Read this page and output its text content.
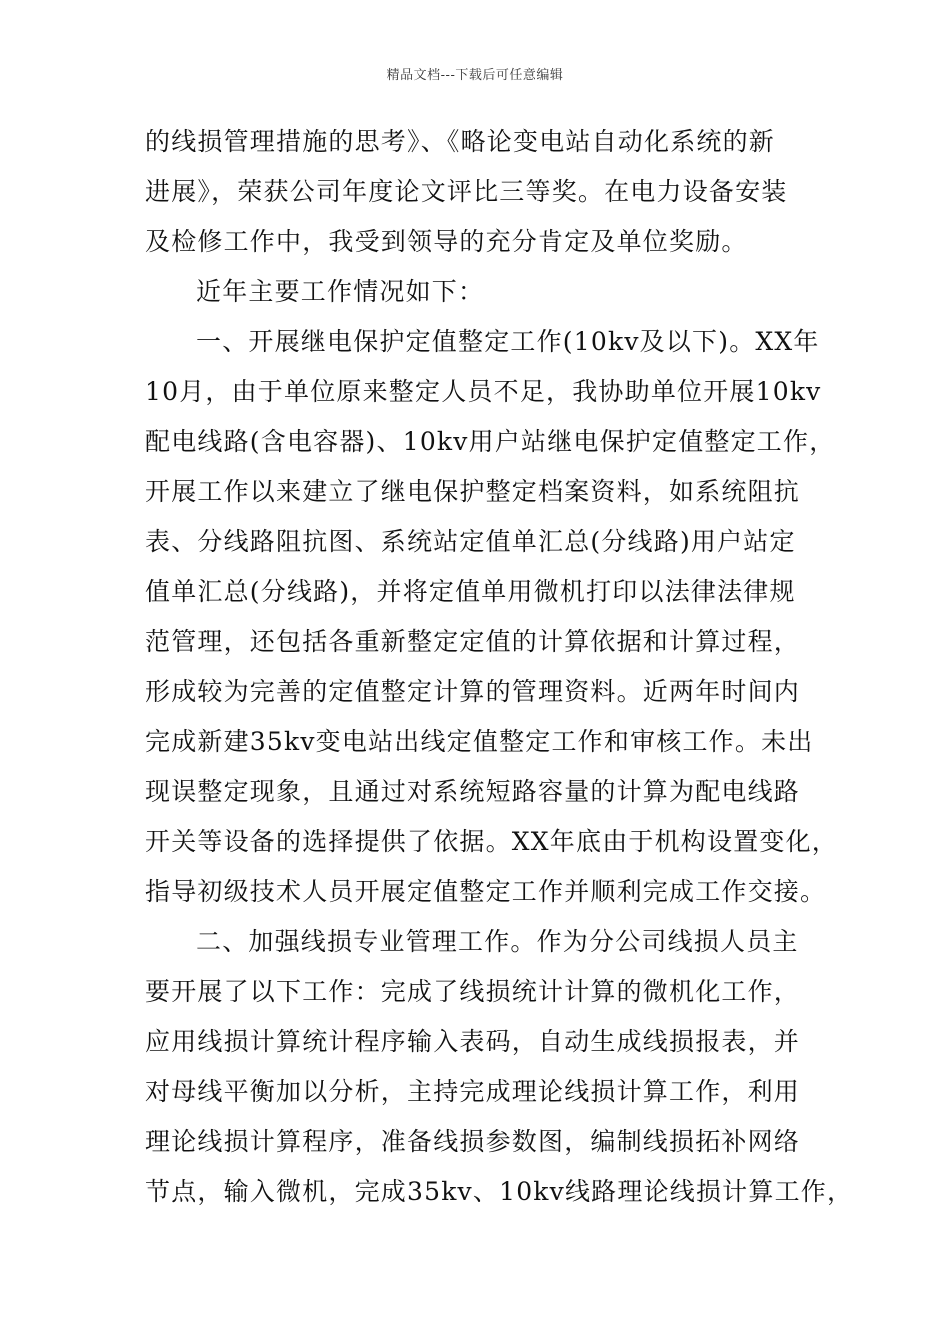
精品文档---下载后可任意编辑
的线损管理措施的思考》、《略论变电站自动化系统的新
进展》，荣获公司年度论文评比三等奖。在电力设备安装
及检修工作中，我受到领导的充分肯定及单位奖励。
近年主要工作情况如下：
一、开展继电保护定值整定工作(10kv及以下)。XX年
10月，由于单位原来整定人员不足，我协助单位开展10kv
配电线路(含电容器)、10kv用户站继电保护定值整定工作，
开展工作以来建立了继电保护整定档案资料，如系统阻抗
表、分线路阻抗图、系统站定值单汇总(分线路)用户站定
值单汇总(分线路)，并将定值单用微机打印以法律法律规
范管理，还包括各重新整定定值的计算依据和计算过程，
形成较为完善的定值整定计算的管理资料。近两年时间内
完成新建35kv变电站出线定值整定工作和审核工作。未出
现误整定现象，且通过对系统短路容量的计算为配电线路
开关等设备的选择提供了依据。XX年底由于机构设置变化，
指导初级技术人员开展定值整定工作并顺利完成工作交接。
二、加强线损专业管理工作。作为分公司线损人员主
要开展了以下工作：完成了线损统计计算的微机化工作，
应用线损计算统计程序输入表码，自动生成线损报表，并
对母线平衡加以分析，主持完成理论线损计算工作，利用
理论线损计算程序，准备线损参数图，编制线损拓补网络
节点，输入微机，完成35kv、10kv线路理论线损计算工作，
